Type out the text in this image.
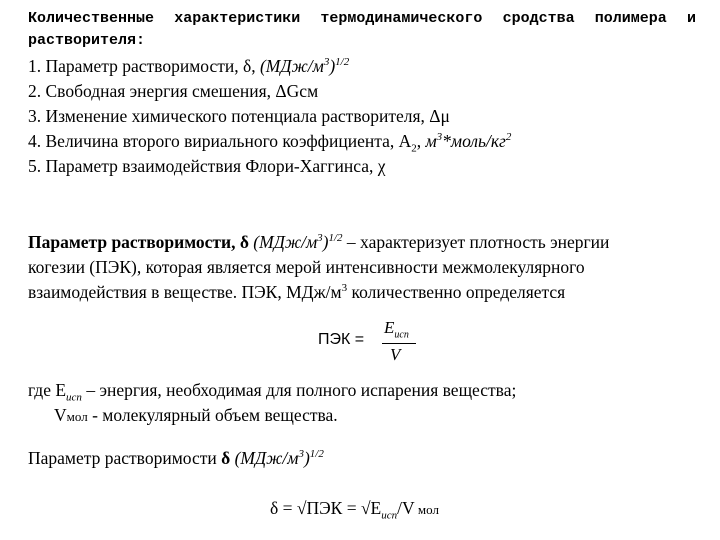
Количественные характеристики термодинамического сродства полимера и растворителя:
1. Параметр растворимости, δ, $(МДж/м^3)^{1/2}$
2. Свободная энергия смешения, ΔGсм
3. Изменение химического потенциала растворителя, Δμ
4. Величина второго вириального коэффициента, $А_2$, $м^3*моль/кг^2$
5. Параметр взаимодействия Флори-Хаггинса, χ
Параметр растворимости, δ $(МДж/м^3)^{1/2}$ – характеризует плотность энергии
когезии (ПЭК), которая является мерой интенсивности межмолекулярного
взаимодействия в веществе. ПЭК, МДж/$м^3$ количественно определяется
ПЭК =
$E_{исп}$
V
где $Е_{исп}$ – энергия, необходимая для полного испарения вещества;
Vмол - молекулярный объем вещества.
Параметр растворимости δ $(МДж/м^3)^{1/2}$
$\delta = √ПЭК = √Е_{исп}/V$ мол
